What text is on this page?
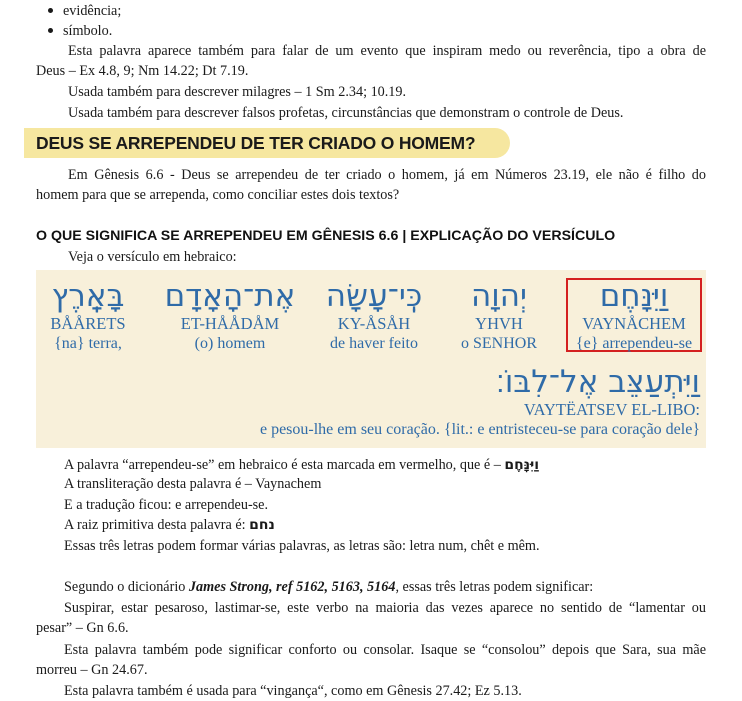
evidência;
símbolo.
Esta palavra aparece também para falar de um evento que inspiram medo ou reverência, tipo a obra de
Deus – Ex 4.8, 9; Nm 14.22; Dt 7.19.
Usada também para descrever milagres – 1 Sm 2.34; 10.19.
Usada também para descrever falsos profetas, circunstâncias que demonstram o controle de Deus.
DEUS SE ARREPENDEU DE TER CRIADO O HOMEM?
Em Gênesis 6.6 - Deus se arrependeu de ter criado o homem, já em Números 23.19, ele não é filho do
homem para que se arrependa, como conciliar estes dois textos?
O QUE SIGNIFICA SE ARREPENDEU EM GÊNESIS 6.6 | EXPLICAÇÃO DO VERSÍCULO
Veja o versículo em hebraico:
בָּאָֽרֶץ
BÅÅRETS
{na} terra,
אֶת־הָאָדָם
ET-HÅÅDÅM
(o) homem
כִּֽי־עָשָׂה
KY-ÅSÅH
de haver feito
יְהוָה
YHVH
o SENHOR
וַיִּנָּחֶם
VAYNÅCHEM
{e} arrependeu-se
וַיִּתְעַצֵּב אֶל־לִבּוֹ׃
VAYTËATSEV EL-LIBO:
e pesou-lhe em seu coração. {lit.: e entristeceu-se para coração dele}
A palavra “arrependeu-se” em hebraico é esta marcada em vermelho, que é – וַיִּנָּחֶם
A transliteração desta palavra é – Vaynachem
E a tradução ficou: e arrependeu-se.
A raiz primitiva desta palavra é: נחם
Essas três letras podem formar várias palavras, as letras são: letra num, chêt e mêm.
Segundo o dicionário James Strong, ref 5162, 5163, 5164, essas três letras podem significar:
Suspirar, estar pesaroso, lastimar-se, este verbo na maioria das vezes aparece no sentido de “lamentar ou
pesar” – Gn 6.6.
Esta palavra também pode significar conforto ou consolar. Isaque se “consolou” depois que Sara, sua mãe
morreu – Gn 24.67.
Esta palavra também é usada para “vingança“, como em Gênesis 27.42; Ez 5.13.
